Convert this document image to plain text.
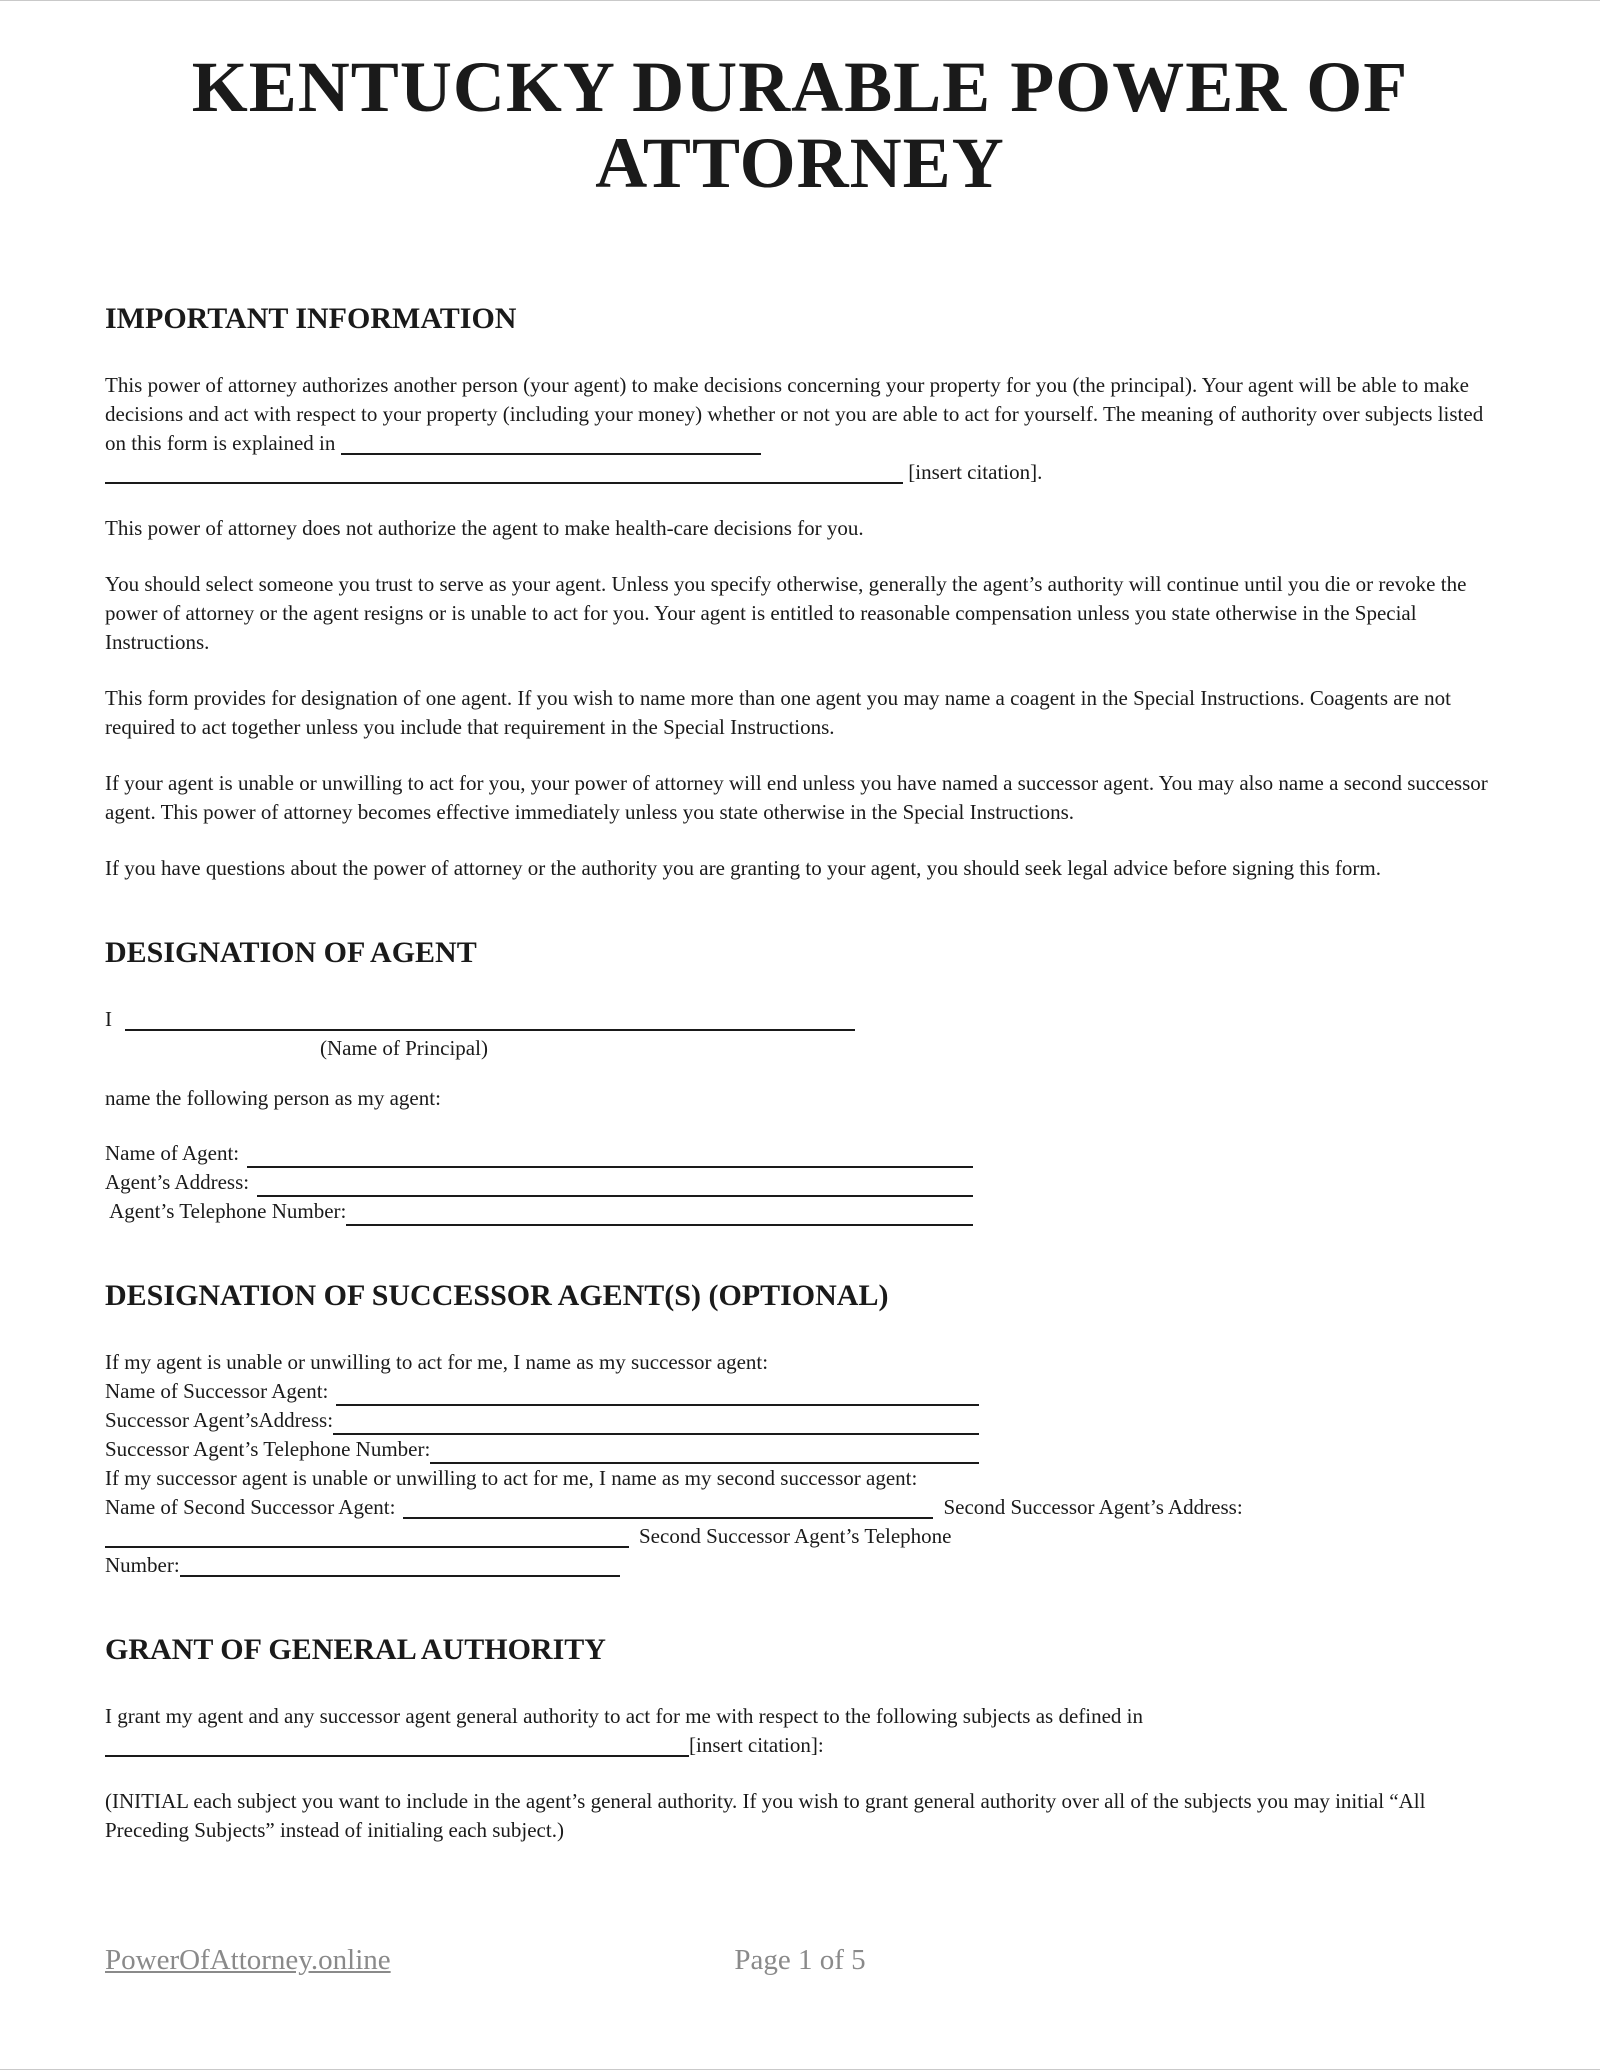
KENTUCKY DURABLE POWER OF
ATTORNEY
IMPORTANT INFORMATION

This power of attorney authorizes another person (your agent) to make decisions concerning your property for you (the principal). Your agent will be able to make decisions and act with respect to your property (including your money) whether or not you are able to act for yourself. The meaning of authority over subjects listed on this form is explained in   [insert citation].

This power of attorney does not authorize the agent to make health-care decisions for you.

You should select someone you trust to serve as your agent. Unless you specify otherwise, generally the agent’s authority will continue until you die or revoke the power of attorney or the agent resigns or is unable to act for you. Your agent is entitled to reasonable compensation unless you state otherwise in the Special Instructions.

This form provides for designation of one agent. If you wish to name more than one agent you may name a coagent in the Special Instructions. Coagents are not required to act together unless you include that requirement in the Special Instructions.

If your agent is unable or unwilling to act for you, your power of attorney will end unless you have named a successor agent. You may also name a second successor agent. This power of attorney becomes effective immediately unless you state otherwise in the Special Instructions.

If you have questions about the power of attorney or the authority you are granting to your agent, you should seek legal advice before signing this form.

DESIGNATION OF AGENT
I
(Name of Principal)
name the following person as my agent:
Name of Agent:
Agent’s Address:
Agent’s Telephone Number:
DESIGNATION OF SUCCESSOR AGENT(S) (OPTIONAL)
If my agent is unable or unwilling to act for me, I name as my successor agent:
Name of Successor Agent:
Successor Agent’sAddress:
Successor Agent’s Telephone Number:
If my successor agent is unable or unwilling to act for me, I name as my second successor agent:
Name of Second Successor Agent:	Second Successor Agent’s Address:
Second Successor Agent’s Telephone
Number:
GRANT OF GENERAL AUTHORITY

I grant my agent and any successor agent general authority to act for me with respect to the following subjects as defined in [insert citation]:

(INITIAL each subject you want to include in the agent’s general authority. If you wish to grant general authority over all of the subjects you may initial “All Preceding Subjects” instead of initialing each subject.)

PowerOfAttorney.online	Page 1 of 5
